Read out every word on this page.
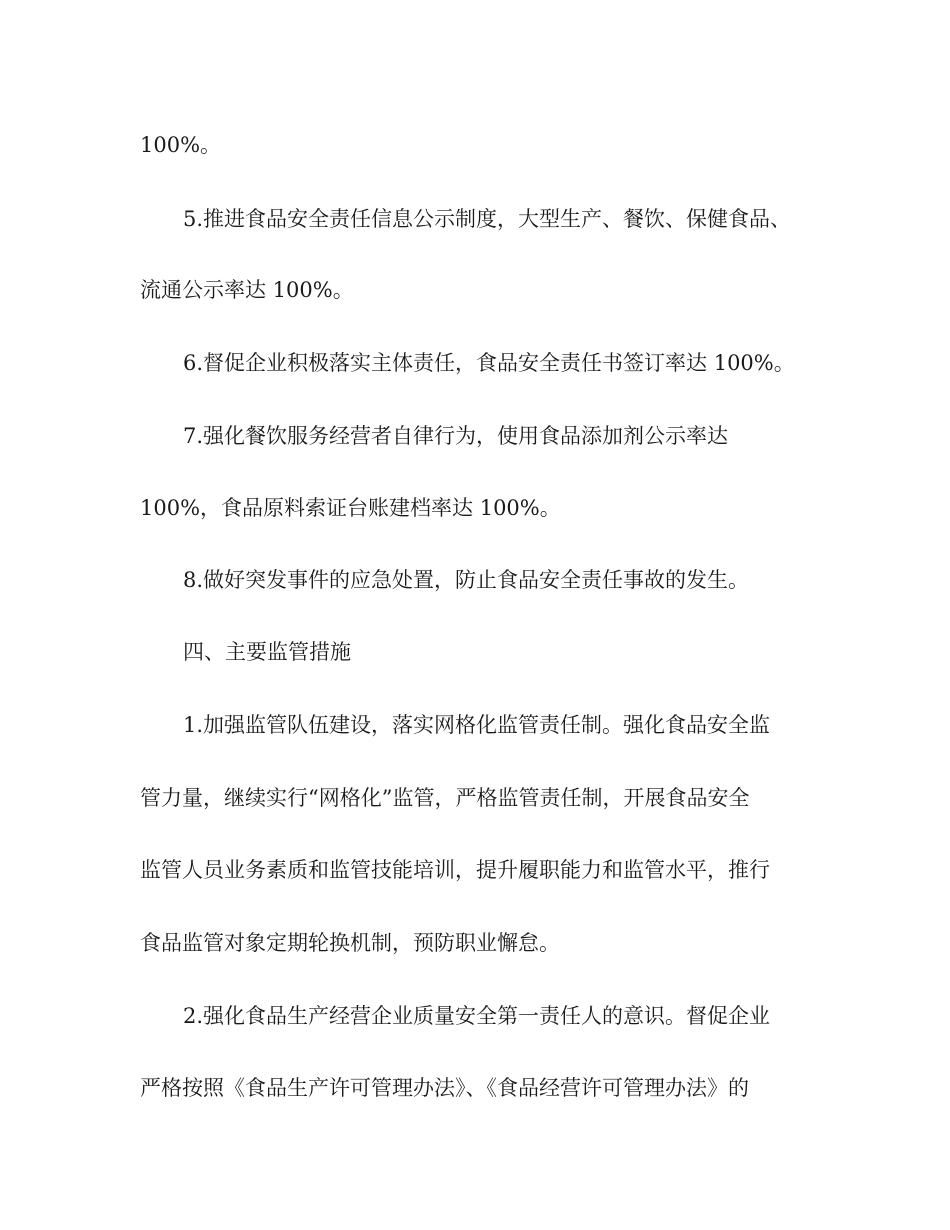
100%。
5.推进食品安全责任信息公示制度，大型生产、餐饮、保健食品、
流通公示率达 100%。
6.督促企业积极落实主体责任，食品安全责任书签订率达 100%。
7.强化餐饮服务经营者自律行为，使用食品添加剂公示率达
100%，食品原料索证台账建档率达 100%。
8.做好突发事件的应急处置，防止食品安全责任事故的发生。
四、主要监管措施
1.加强监管队伍建设，落实网格化监管责任制。强化食品安全监
管力量，继续实行“网格化”监管，严格监管责任制，开展食品安全
监管人员业务素质和监管技能培训，提升履职能力和监管水平，推行
食品监管对象定期轮换机制，预防职业懈怠。
2.强化食品生产经营企业质量安全第一责任人的意识。督促企业
严格按照《食品生产许可管理办法》、《食品经营许可管理办法》的
